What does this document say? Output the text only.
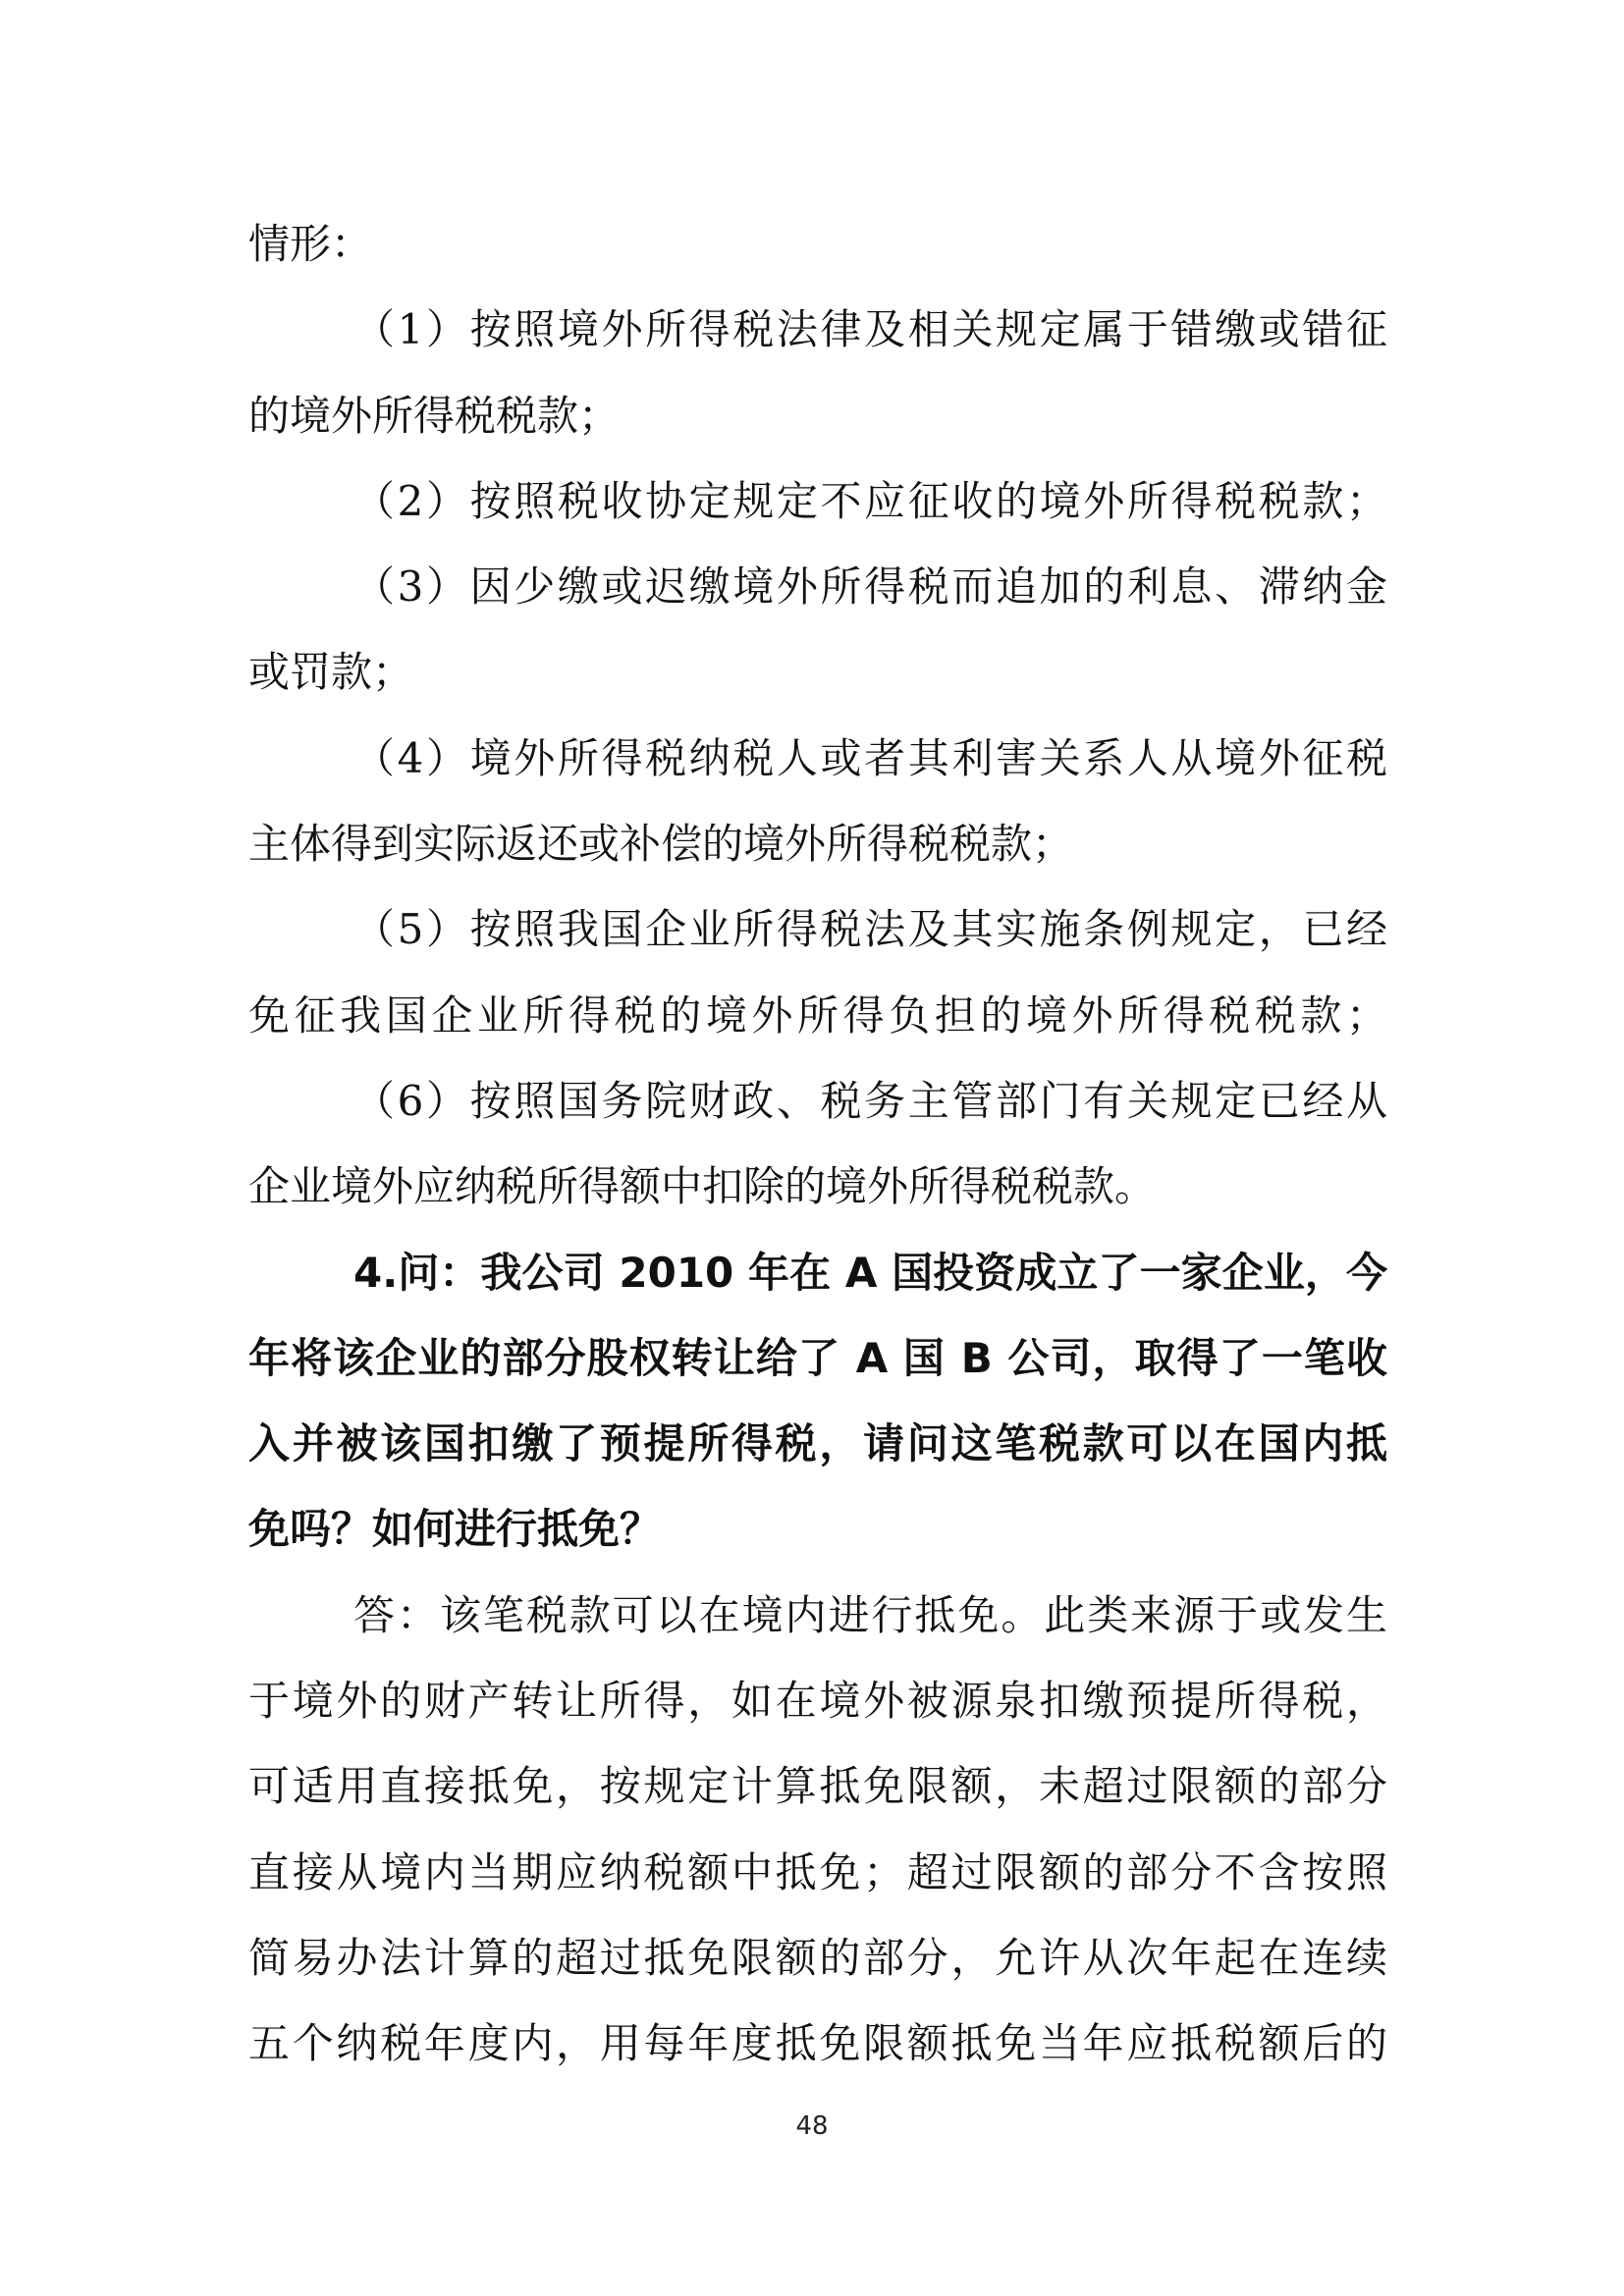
情形：
（1）按照境外所得税法律及相关规定属于错缴或错征
的境外所得税税款；
（2）按照税收协定规定不应征收的境外所得税税款；
（3）因少缴或迟缴境外所得税而追加的利息、滞纳金
或罚款；
（4）境外所得税纳税人或者其利害关系人从境外征税
主体得到实际返还或补偿的境外所得税税款；
（5）按照我国企业所得税法及其实施条例规定，已经
免征我国企业所得税的境外所得负担的境外所得税税款；
（6）按照国务院财政、税务主管部门有关规定已经从
企业境外应纳税所得额中扣除的境外所得税税款。
4.问：我公司 2010 年在 A 国投资成立了一家企业，今
年将该企业的部分股权转让给了 A 国 B 公司，取得了一笔收
入并被该国扣缴了预提所得税，请问这笔税款可以在国内抵
免吗？如何进行抵免？
答：该笔税款可以在境内进行抵免。此类来源于或发生
于境外的财产转让所得，如在境外被源泉扣缴预提所得税，
可适用直接抵免，按规定计算抵免限额，未超过限额的部分
直接从境内当期应纳税额中抵免；超过限额的部分不含按照
简易办法计算的超过抵免限额的部分，允许从次年起在连续
五个纳税年度内，用每年度抵免限额抵免当年应抵税额后的
48
